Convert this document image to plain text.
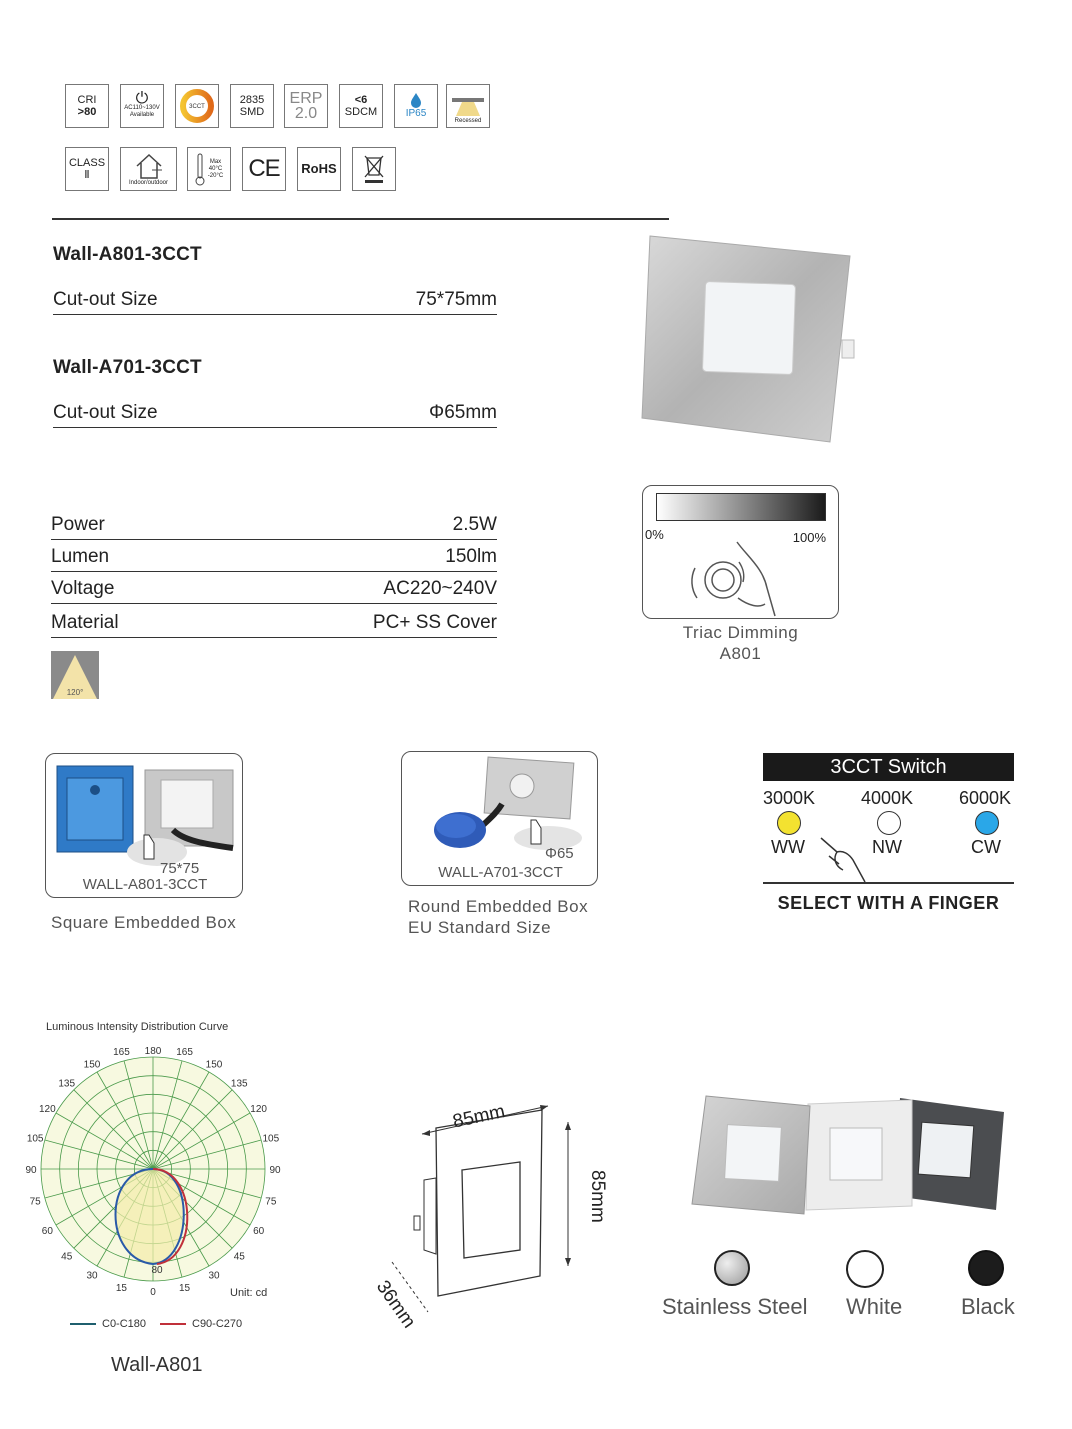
CRI
>80
⏻
AC110~130V
Available
3CCT
2835
SMD
ERP
2.0
<6
SDCM	IP65
Recessed
CLASS
Ⅱ
Indoor/outdoor
Max
40°C
-20°C CE RoHS
Wall-A801-3CCT
Cut-out Size	75*75mm
Wall-A701-3CCT
Cut-out Size	Φ65mm
Power	2.5W
Lumen	150lm
Voltage	AC220~240V
Material	PC+ SS Cover
120°
0%	100%
Triac Dimming
A801
75*75
WALL-A801-3CCT
Square Embedded Box
Φ65
WALL-A701-3CCT
Round Embedded Box
EU Standard Size
3CCT Switch
3000K
WW
4000K
NW
6000K
CW
SELECT WITH A FINGER
Luminous Intensity Distribution Curve
165	165
150	150
135	135
120	120
105	105
90	90
75	75
60	60
45	45
30	30
15	15
180
0
80
Unit: cd
C0-C180	C90-C270
Wall-A801
85mm
85mm
36mm	Stainless Steel White	Black
